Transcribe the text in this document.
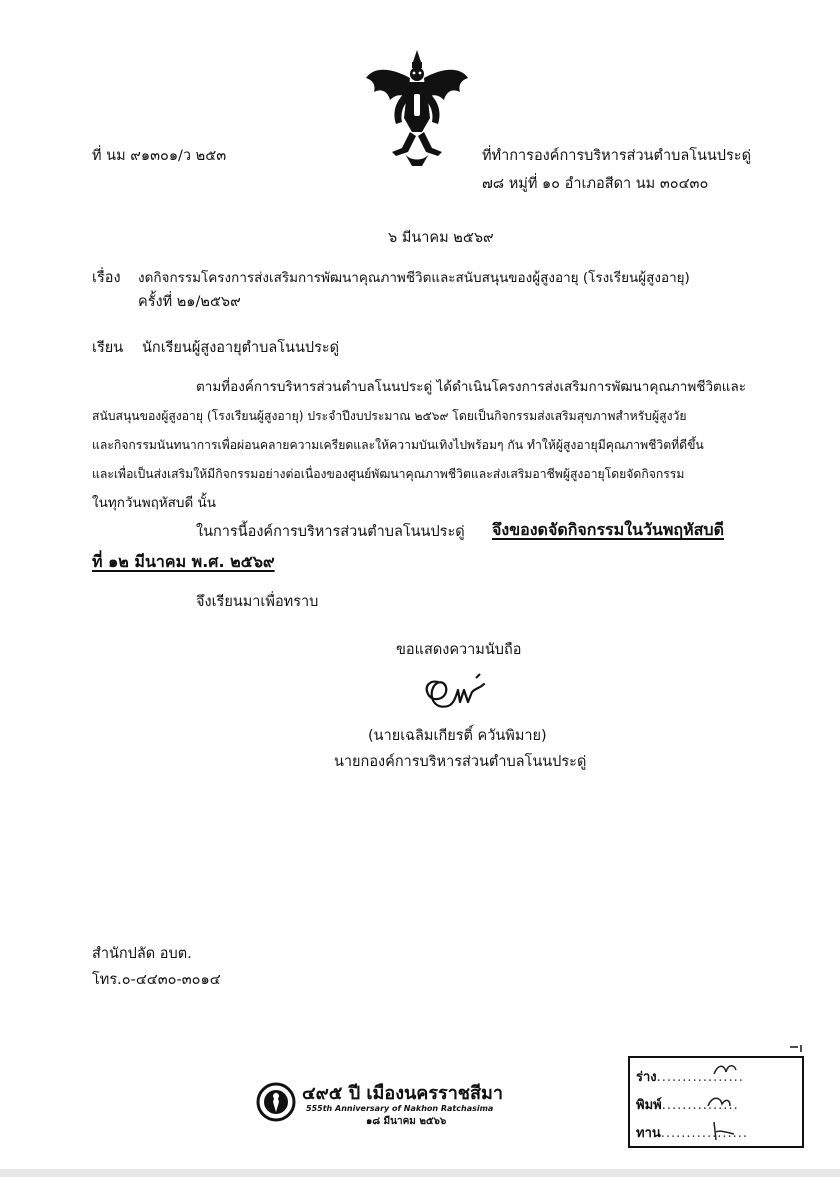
ที่ นม ๙๑๓๐๑/ว ๒๕๓	ที่ทำการองค์การบริหารส่วนตำบลโนนประดู่
๗๘ หมู่ที่ ๑๐ อำเภอสีดา นม ๓๐๔๓๐
๖ มีนาคม ๒๕๖๙
เรื่อง งดกิจกรรมโครงการส่งเสริมการพัฒนาคุณภาพชีวิตและสนับสนุนของผู้สูงอายุ (โรงเรียนผู้สูงอายุ)
ครั้งที่ ๒๑/๒๕๖๙
เรียน นักเรียนผู้สูงอายุตำบลโนนประดู่
ตามที่องค์การบริหารส่วนตำบลโนนประดู่ ได้ดำเนินโครงการส่งเสริมการพัฒนาคุณภาพชีวิตและ
สนับสนุนของผู้สูงอายุ (โรงเรียนผู้สูงอายุ) ประจำปีงบประมาณ ๒๕๖๙ โดยเป็นกิจกรรมส่งเสริมสุขภาพสำหรับผู้สูงวัย
และกิจกรรมนันทนาการเพื่อผ่อนคลายความเครียดและให้ความบันเทิงไปพร้อมๆ กัน ทำให้ผู้สูงอายุมีคุณภาพชีวิตที่ดีขึ้น
และเพื่อเป็นส่งเสริมให้มีกิจกรรมอย่างต่อเนื่องของศูนย์พัฒนาคุณภาพชีวิตและส่งเสริมอาชีพผู้สูงอายุโดยจัดกิจกรรม
ในทุกวันพฤหัสบดี นั้น
ในการนี้องค์การบริหารส่วนตำบลโนนประดู่ จึงของดจัดกิจกรรมในวันพฤหัสบดี
ที่ ๑๒ มีนาคม พ.ศ. ๒๕๖๙
จึงเรียนมาเพื่อทราบ
ขอแสดงความนับถือ
(นายเฉลิมเกียรติ์ ควันพิมาย)
นายกองค์การบริหารส่วนตำบลโนนประดู่
สำนักปลัด อบต.
โทร.๐-๔๔๓๐-๓๐๑๔
๔๙๕ ปี เมืองนครราชสีมา
555th Anniversary of Nakhon Ratchasima
๑๘ มีนาคม ๒๕๖๖
ร่าง.................
พิมพ์...............
ทาน.................
